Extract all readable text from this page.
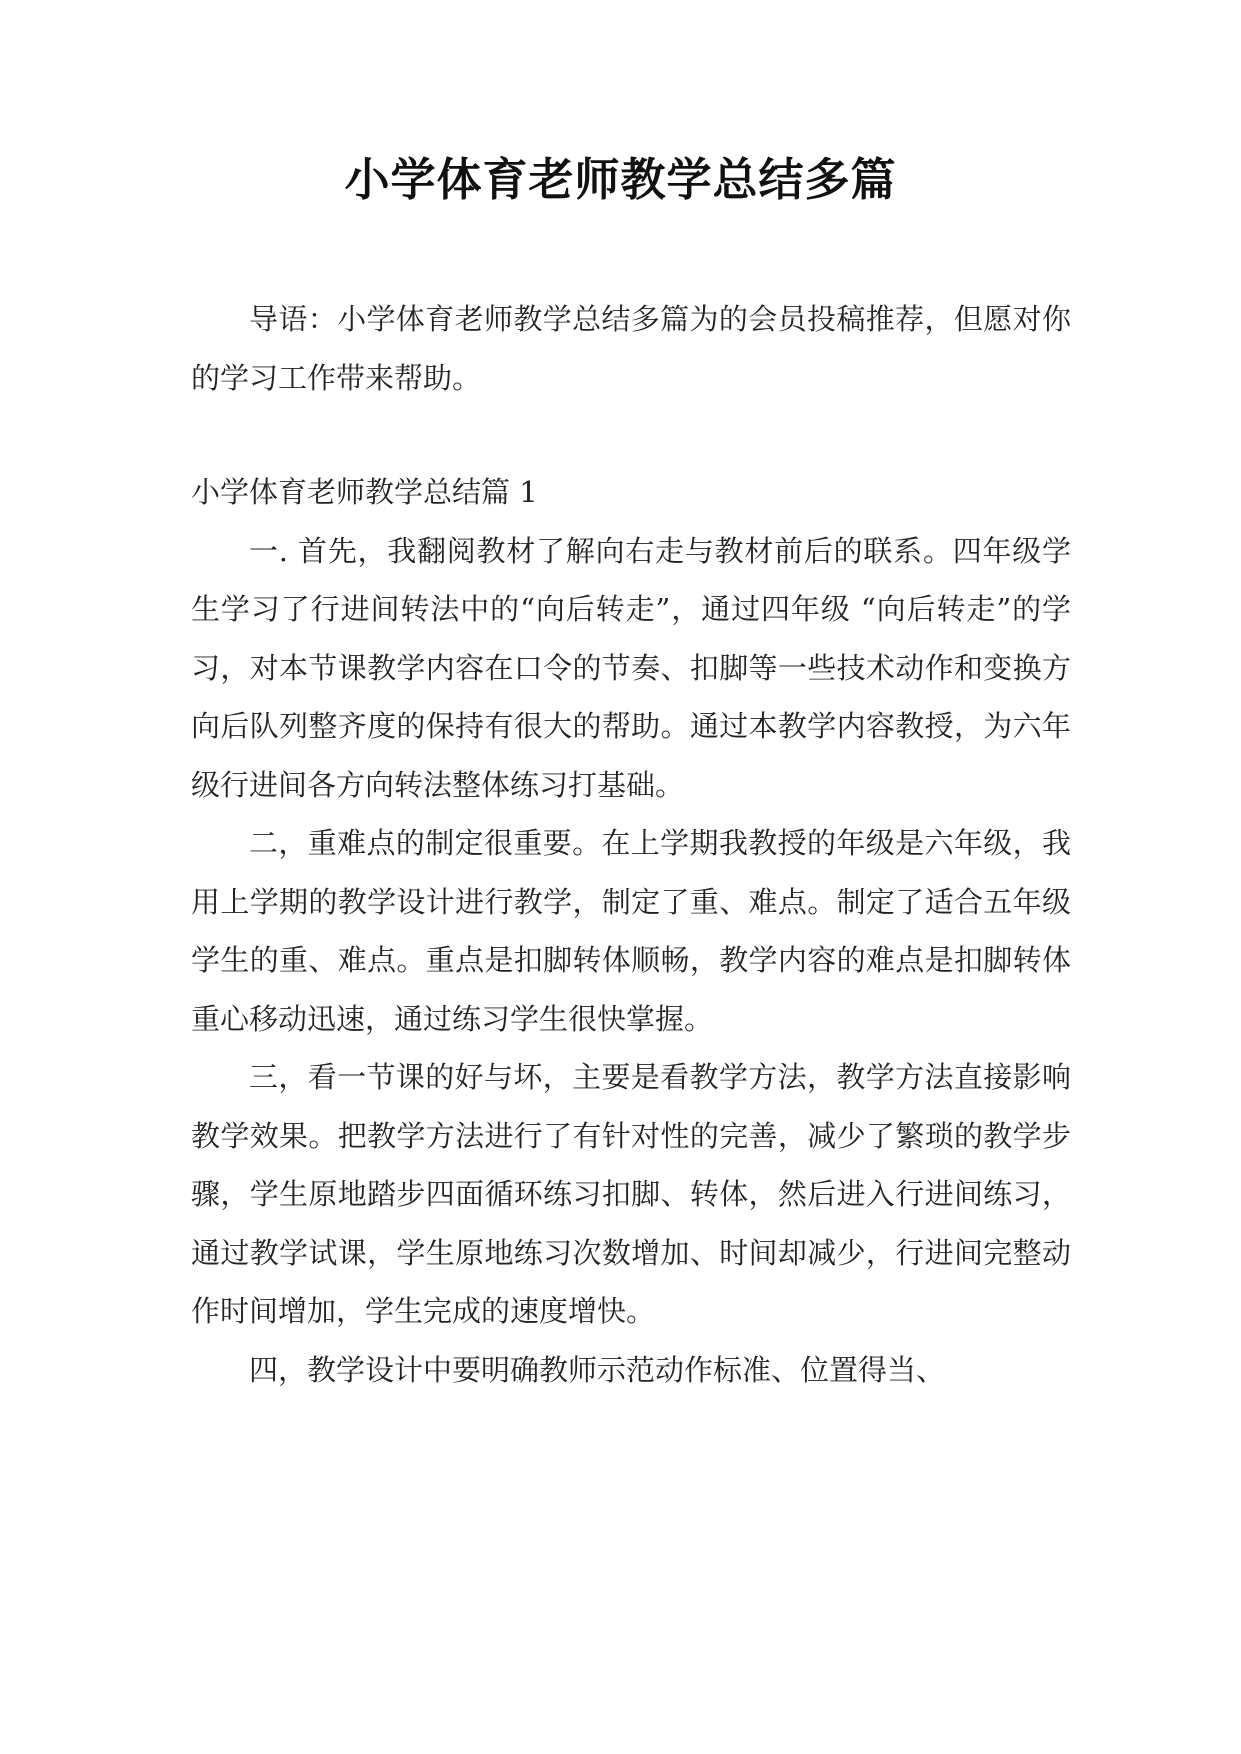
小学体育老师教学总结多篇

导语：小学体育老师教学总结多篇为的会员投稿推荐，但愿对你的学习工作带来帮助。

小学体育老师教学总结篇 1

一. 首先，我翻阅教材了解向右走与教材前后的联系。四年级学生学习了行进间转法中的“向后转走”，通过四年级 “向后转走”的学习，对本节课教学内容在口令的节奏、扣脚等一些技术动作和变换方向后队列整齐度的保持有很大的帮助。通过本教学内容教授，为六年级行进间各方向转法整体练习打基础。

二，重难点的制定很重要。在上学期我教授的年级是六年级，我用上学期的教学设计进行教学，制定了重、难点。制定了适合五年级学生的重、难点。重点是扣脚转体顺畅，教学内容的难点是扣脚转体重心移动迅速，通过练习学生很快掌握。

三，看一节课的好与坏，主要是看教学方法，教学方法直接影响教学效果。把教学方法进行了有针对性的完善，减少了繁琐的教学步骤，学生原地踏步四面循环练习扣脚、转体，然后进入行进间练习，通过教学试课，学生原地练习次数增加、时间却减少，行进间完整动作时间增加，学生完成的速度增快。

四，教学设计中要明确教师示范动作标准、位置得当、
